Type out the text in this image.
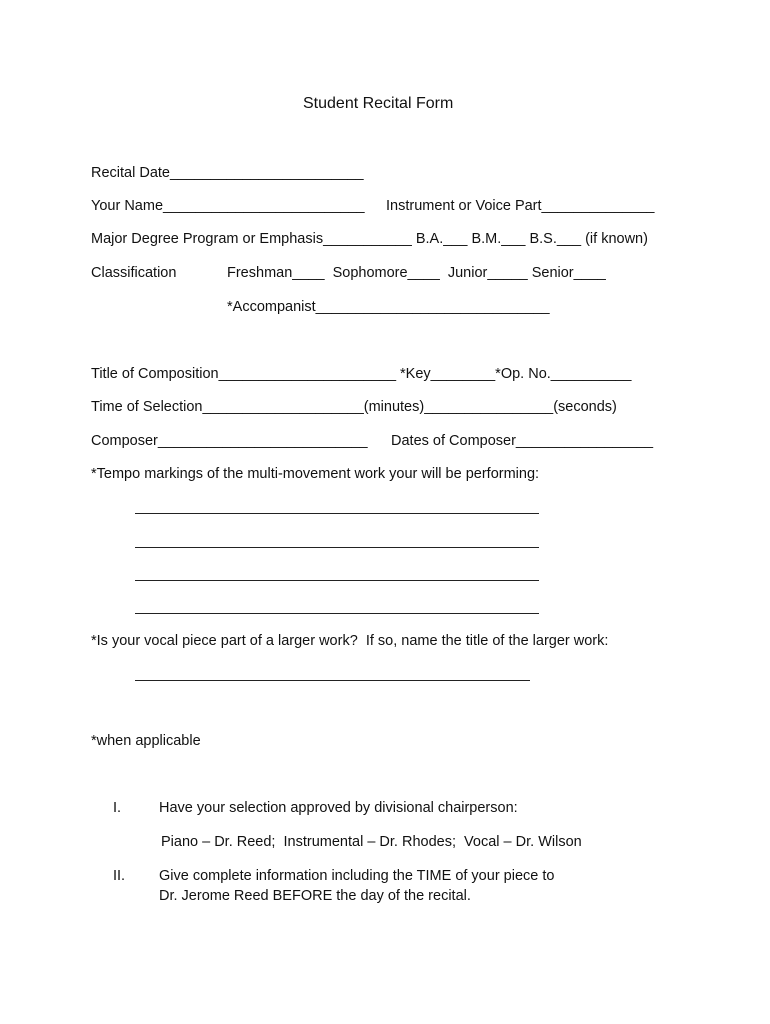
Student Recital Form
Recital Date________________________
Your Name_________________________ Instrument or Voice Part______________
Major Degree Program or Emphasis___________ B.A.___ B.M.___ B.S.___ (if known)
Classification	Freshman____  Sophomore____  Junior_____ Senior____
*Accompanist_____________________________
Title of Composition______________________ *Key________*Op. No.__________
Time of Selection____________________(minutes)________________(seconds)
Composer__________________________ Dates of Composer_________________
*Tempo markings of the multi-movement work your will be performing:
*Is your vocal piece part of a larger work?  If so, name the title of the larger work:
*when applicable
I.	Have your selection approved by divisional chairperson:
Piano – Dr. Reed;  Instrumental – Dr. Rhodes;  Vocal – Dr. Wilson
II. Give complete information including the TIME of your piece to
Dr. Jerome Reed BEFORE the day of the recital.
